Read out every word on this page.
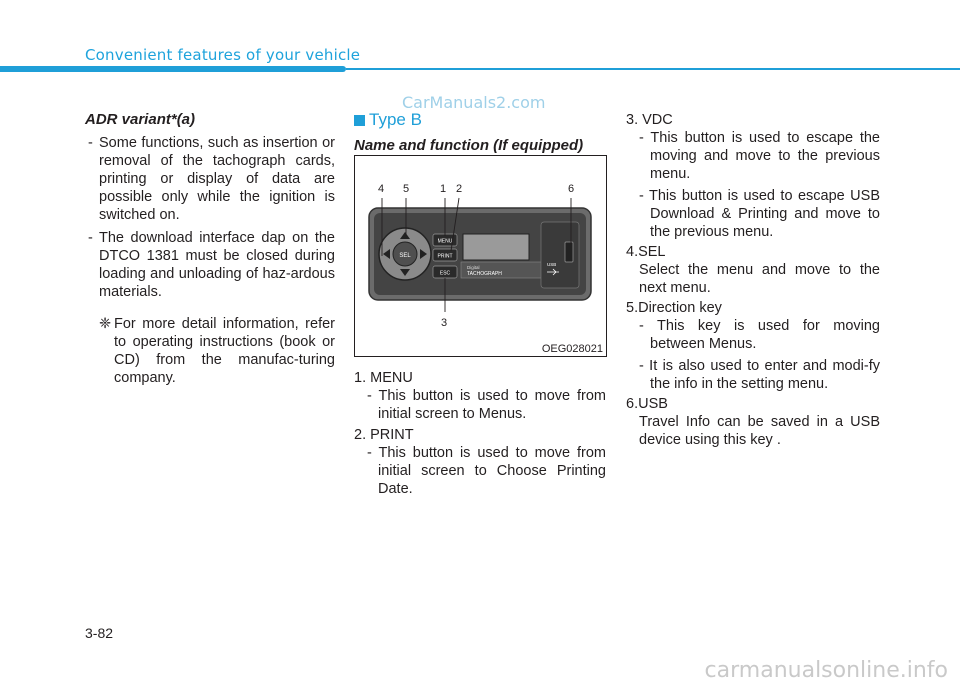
Convenient features of your vehicle
CarManuals2.com

ADR variant*(a)

- Some functions, such as insertion or removal of the tachograph cards, printing or display of data are possible only while the ignition is switched on.

- The download interface dap on the DTCO 1381 must be closed during loading and unloading of haz-ardous materials.

❈ For more detail information, refer to operating instructions (book or CD) from the manufac-turing company.

Type B

Name and function (If equipped)

SEL
MENU
PRINT
ESC
Digital
TACHOGRAPH
USB
4 5	1 2	6
3
OEG028021

1. MENU

- This button is used to move from initial screen to Menus.

2. PRINT

- This button is used to move from initial screen to Choose Printing Date.

3. VDC

- This button is used to escape the moving and move to the previous menu.

- This button is used to escape USB Download & Printing and move to the previous menu.

4.SEL

Select the menu and move to the next menu.

5.Direction key

- This key is used for moving between Menus.

- It is also used to enter and modi-fy the info in the setting menu.

6.USB

Travel Info can be saved in a USB device using this key .

3-82
carmanualsonline.info
